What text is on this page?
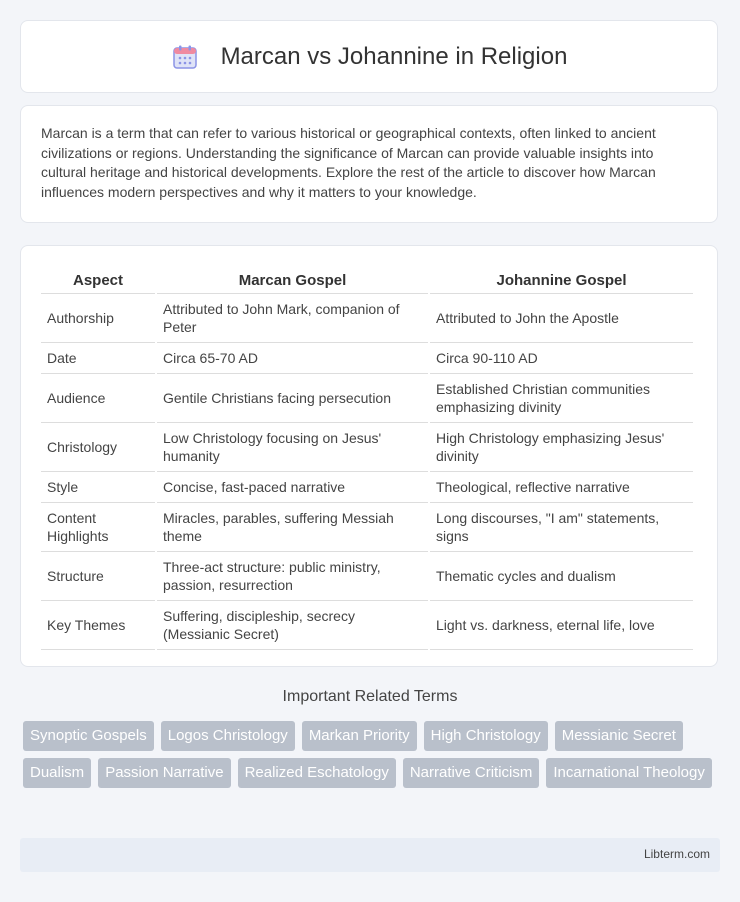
Marcan vs Johannine in Religion

Marcan is a term that can refer to various historical or geographical contexts, often linked to ancient civilizations or regions. Understanding the significance of Marcan can provide valuable insights into cultural heritage and historical developments. Explore the rest of the article to discover how Marcan influences modern perspectives and why it matters to your knowledge.

Aspect	Marcan Gospel	Johannine Gospel
Authorship	Attributed to John Mark, companion of Peter	Attributed to John the Apostle
Date	Circa 65-70 AD	Circa 90-110 AD
Audience	Gentile Christians facing persecution	Established Christian communities emphasizing divinity
Christology	Low Christology focusing on Jesus' humanity	High Christology emphasizing Jesus' divinity
Style	Concise, fast-paced narrative	Theological, reflective narrative
Content Highlights	Miracles, parables, suffering Messiah theme	Long discourses, "I am" statements, signs
Structure	Three-act structure: public ministry, passion, resurrection	Thematic cycles and dualism
Key Themes	Suffering, discipleship, secrecy (Messianic Secret)	Light vs. darkness, eternal life, love
Important Related Terms
Synoptic Gospels	Logos Christology	Markan Priority	High Christology	Messianic Secret
Dualism	Passion Narrative	Realized Eschatology	Narrative Criticism	Incarnational Theology
Libterm.com
